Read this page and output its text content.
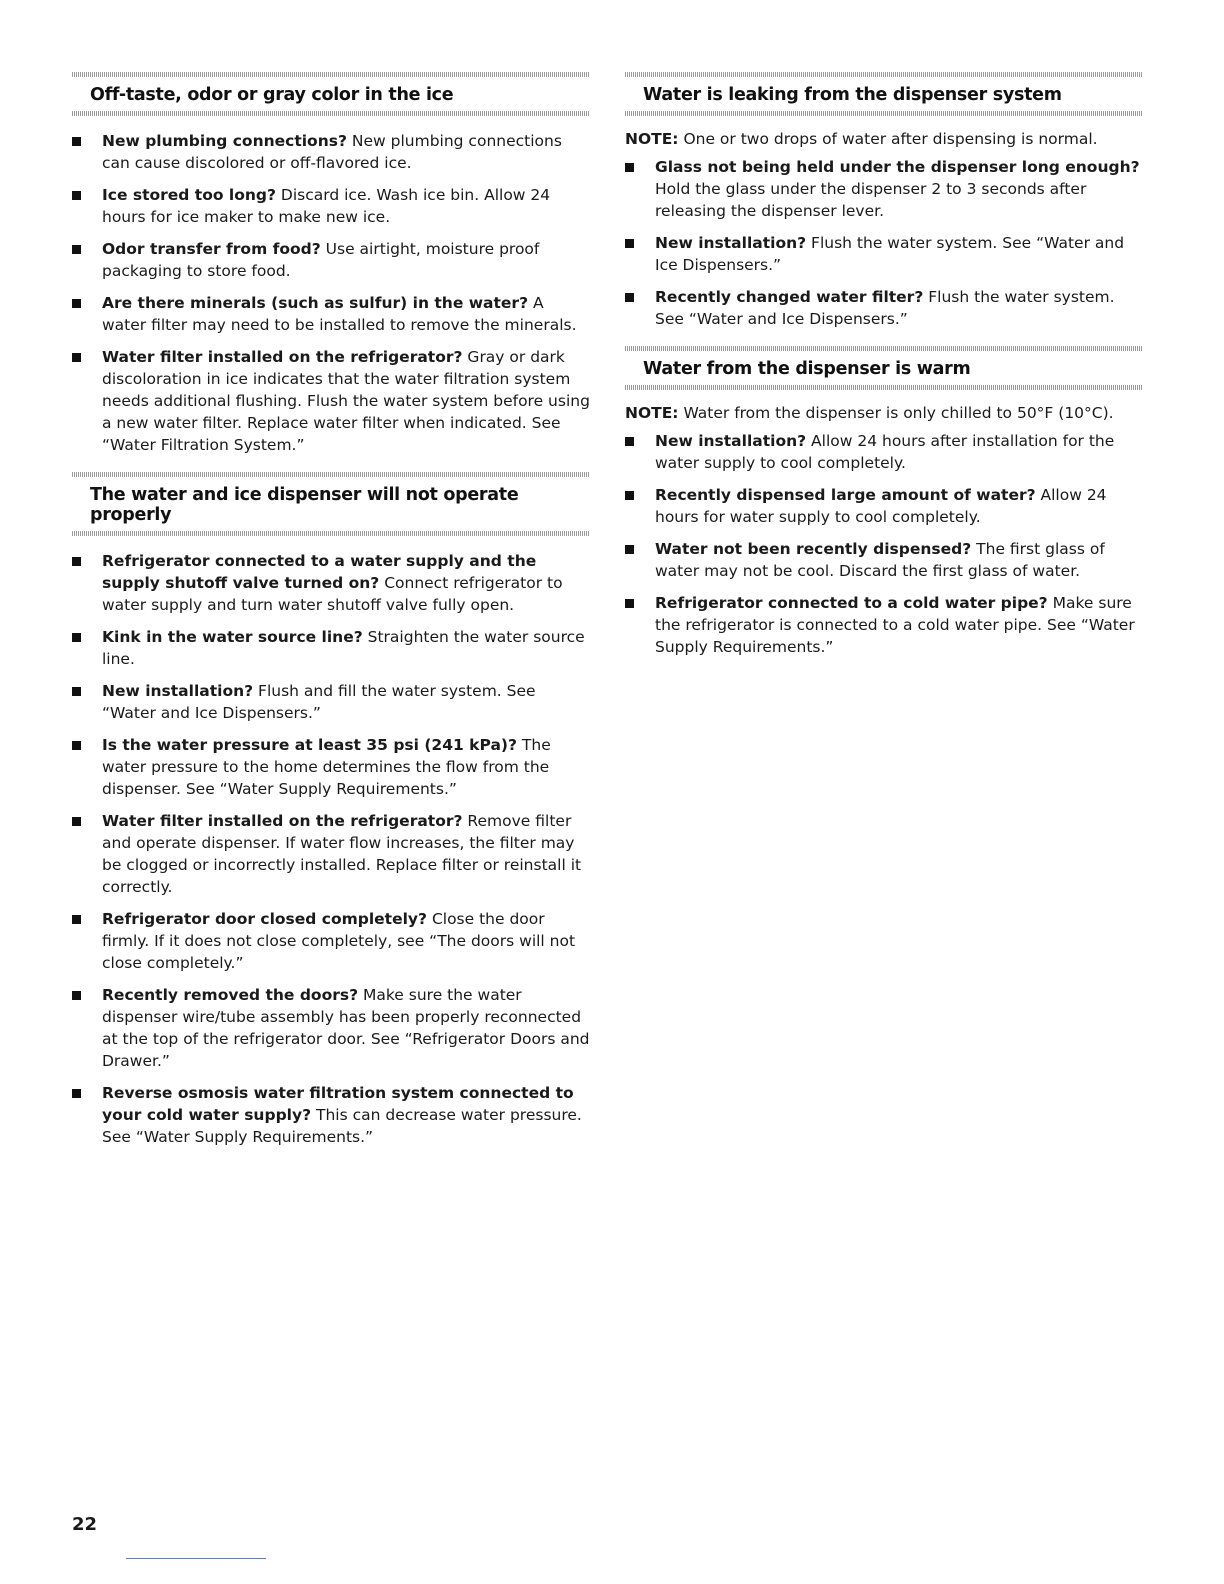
Off-taste, odor or gray color in the ice
New plumbing connections? New plumbing connections can cause discolored or off-flavored ice.
Ice stored too long? Discard ice. Wash ice bin. Allow 24 hours for ice maker to make new ice.
Odor transfer from food? Use airtight, moisture proof packaging to store food.
Are there minerals (such as sulfur) in the water? A water filter may need to be installed to remove the minerals.
Water filter installed on the refrigerator? Gray or dark discoloration in ice indicates that the water filtration system needs additional flushing. Flush the water system before using a new water filter. Replace water filter when indicated. See “Water Filtration System.”
The water and ice dispenser will not operate properly
Refrigerator connected to a water supply and the supply shutoff valve turned on? Connect refrigerator to water supply and turn water shutoff valve fully open.
Kink in the water source line? Straighten the water source line.
New installation? Flush and fill the water system. See “Water and Ice Dispensers.”
Is the water pressure at least 35 psi (241 kPa)? The water pressure to the home determines the flow from the dispenser. See “Water Supply Requirements.”
Water filter installed on the refrigerator? Remove filter and operate dispenser. If water flow increases, the filter may be clogged or incorrectly installed. Replace filter or reinstall it correctly.
Refrigerator door closed completely? Close the door firmly. If it does not close completely, see “The doors will not close completely.”
Recently removed the doors? Make sure the water dispenser wire/tube assembly has been properly reconnected at the top of the refrigerator door. See “Refrigerator Doors and Drawer.”
Reverse osmosis water filtration system connected to your cold water supply? This can decrease water pressure. See “Water Supply Requirements.”
Water is leaking from the dispenser system

NOTE: One or two drops of water after dispensing is normal.

Glass not being held under the dispenser long enough? Hold the glass under the dispenser 2 to 3 seconds after releasing the dispenser lever.
New installation? Flush the water system. See “Water and Ice Dispensers.”
Recently changed water filter? Flush the water system. See “Water and Ice Dispensers.”
Water from the dispenser is warm

NOTE: Water from the dispenser is only chilled to 50°F (10°C).

New installation? Allow 24 hours after installation for the water supply to cool completely.
Recently dispensed large amount of water? Allow 24 hours for water supply to cool completely.
Water not been recently dispensed? The first glass of water may not be cool. Discard the first glass of water.
Refrigerator connected to a cold water pipe? Make sure the refrigerator is connected to a cold water pipe. See “Water Supply Requirements.”
22
